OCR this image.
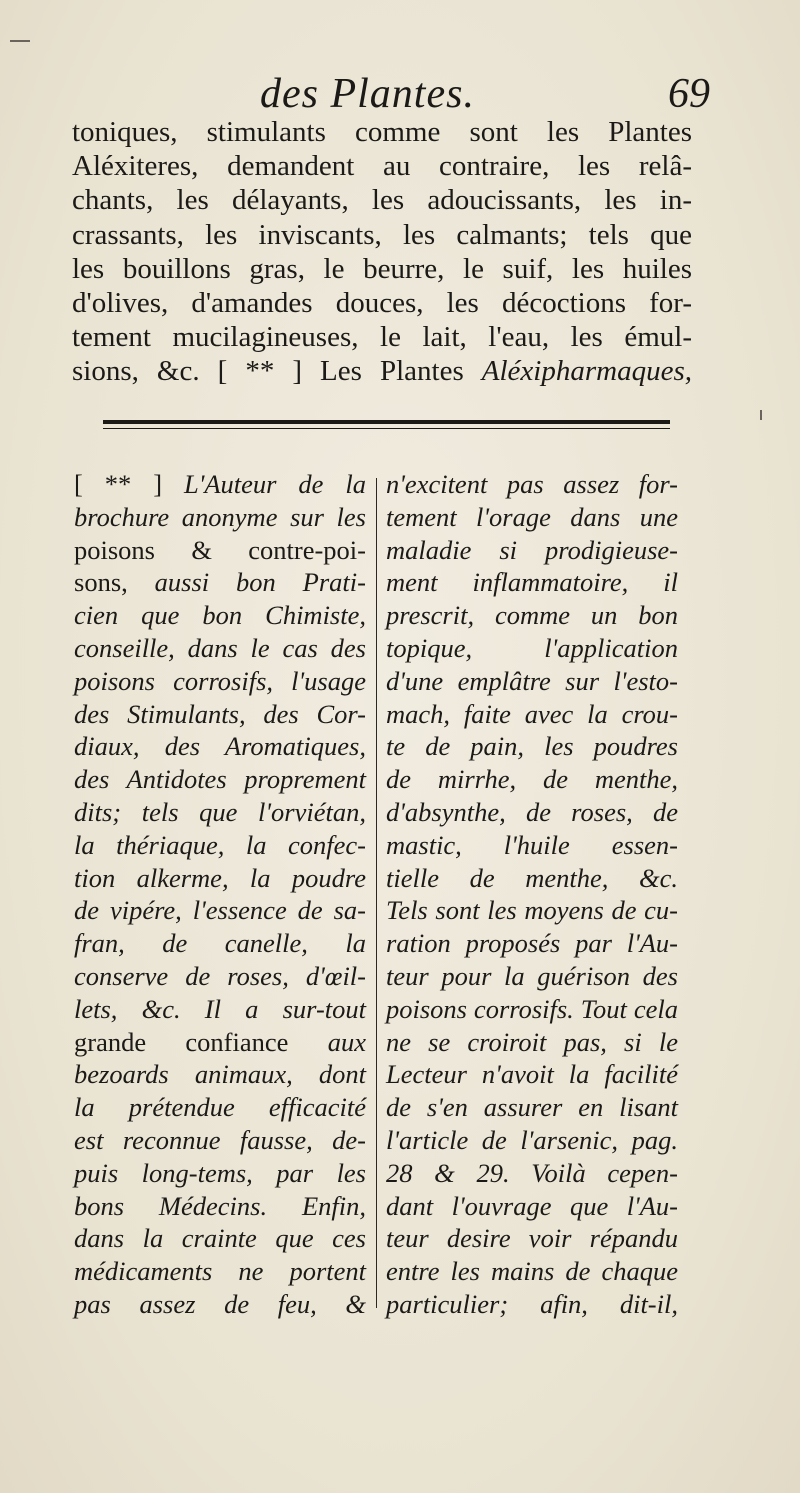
des Plantes.	69
toniques, stimulants comme sont les Plantes
Aléxiteres, demandent au contraire, les relâ-
chants, les délayants, les adoucissants, les in-
crassants, les inviscants, les calmants; tels que
les bouillons gras, le beurre, le suif, les huiles
d'olives, d'amandes douces, les décoctions for-
tement mucilagineuses, le lait, l'eau, les émul-
sions, &c. [ ** ] Les Plantes Aléxipharmaques,
[ ** ] L'Auteur de la
brochure anonyme sur les
poisons & contre-poi-
sons, aussi bon Prati-
cien que bon Chimiste,
conseille, dans le cas des
poisons corrosifs, l'usage
des Stimulants, des Cor-
diaux, des Aromatiques,
des Antidotes proprement
dits; tels que l'orviétan,
la thériaque, la confec-
tion alkerme, la poudre
de vipére, l'essence de sa-
fran, de canelle, la
conserve de roses, d'œil-
lets, &c. Il a sur-tout
grande confiance aux
bezoards animaux, dont
la prétendue efficacité
est reconnue fausse, de-
puis long-tems, par les
bons Médecins. Enfin,
dans la crainte que ces
médicaments ne portent
pas assez de feu, &
n'excitent pas assez for-
tement l'orage dans une
maladie si prodigieuse-
ment inflammatoire, il
prescrit, comme un bon
topique, l'application
d'une emplâtre sur l'esto-
mach, faite avec la crou-
te de pain, les poudres
de mirrhe, de menthe,
d'absynthe, de roses, de
mastic, l'huile essen-
tielle de menthe, &c.
Tels sont les moyens de cu-
ration proposés par l'Au-
teur pour la guérison des
poisons corrosifs. Tout cela
ne se croiroit pas, si le
Lecteur n'avoit la facilité
de s'en assurer en lisant
l'article de l'arsenic, pag.
28 & 29. Voilà cepen-
dant l'ouvrage que l'Au-
teur desire voir répandu
entre les mains de chaque
particulier; afin, dit-il,
